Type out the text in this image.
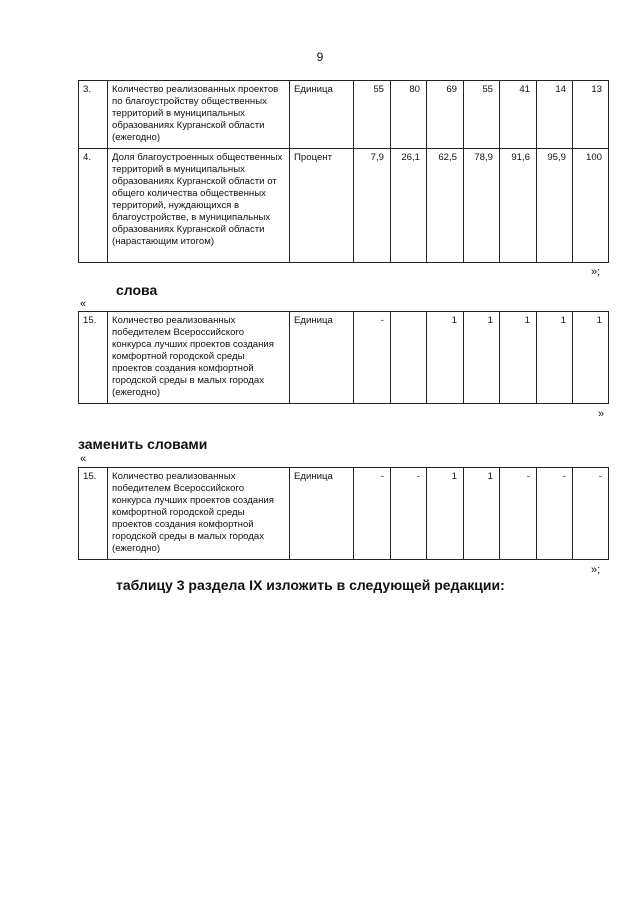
9
3.	Количество реализованных проектов по благоустройству общественных территорий в муниципальных образованиях Курганской области (ежегодно)	Единица	55	80	69	55	41	14	13
4.	Доля благоустроенных общественных территорий в муниципальных образованиях Курганской области от общего количества общественных территорий, нуждающихся в благоустройстве, в муниципальных образованиях Курганской области (нарастающим итогом)	Процент	7,9	26,1	62,5	78,9	91,6	95,9	100
»;
слова
«
15.	Количество реализованных победителем Всероссийского конкурса лучших проектов создания комфортной городской среды проектов создания комфортной городской среды в малых городах (ежегодно)	Единица	-		1	1	1	1	1
»
заменить словами
«
15.	Количество реализованных победителем Всероссийского конкурса лучших проектов создания комфортной городской среды проектов создания комфортной городской среды в малых городах (ежегодно)	Единица	-	-	1	1	-	-	-
»;
таблицу 3 раздела IX изложить в следующей редакции:
